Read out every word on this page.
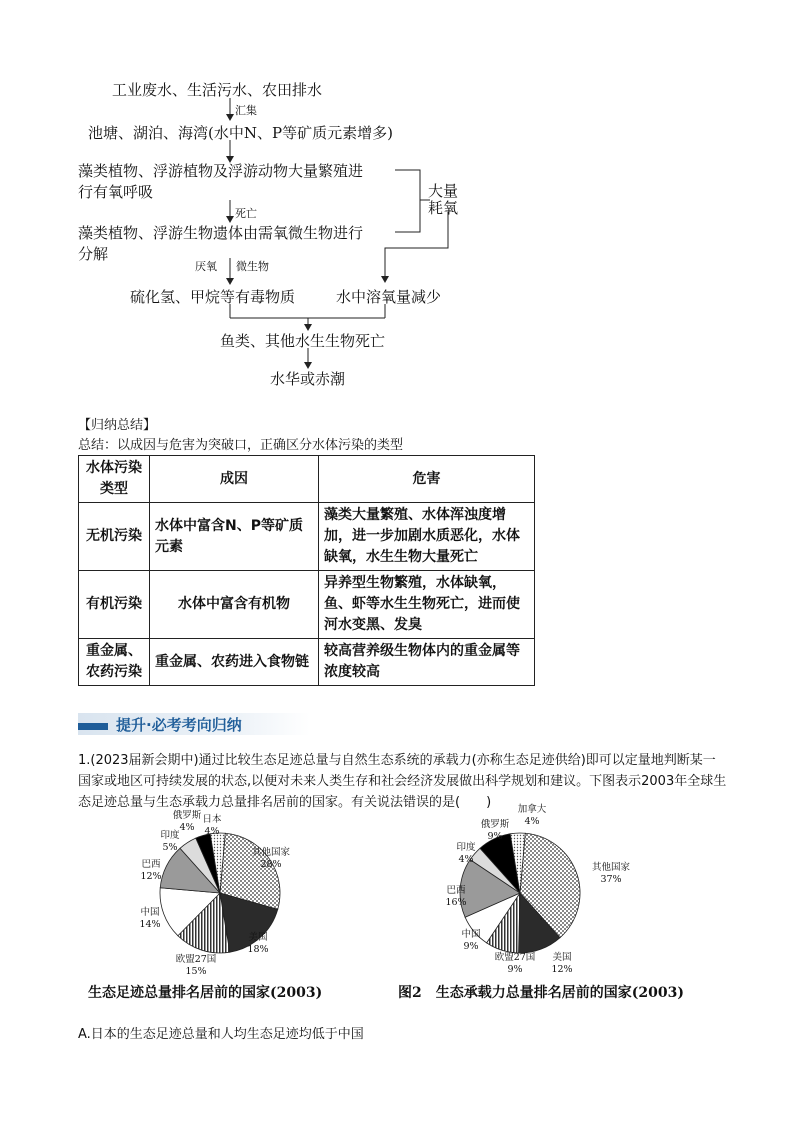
工业废水、生活污水、农田排水
汇集
池塘、湖泊、海湾(水中N、P等矿质元素增多)
藻类植物、浮游植物及浮游动物大量繁殖进
行有氧呼吸
死亡
藻类植物、浮游生物遗体由需氧微生物进行
分解
大量
耗氧
厌氧 微生物
硫化氢、甲烷等有毒物质	水中溶氧量减少
鱼类、其他水生生物死亡
水华或赤潮
【归纳总结】
总结：以成因与危害为突破口，正确区分水体污染的类型
水体污染类型	成因	危害
无机污染	水体中富含N、P等矿质元素	藻类大量繁殖、水体浑浊度增加，进一步加剧水质恶化，水体缺氧，水生生物大量死亡
有机污染	水体中富含有机物	异养型生物繁殖，水体缺氧，鱼、虾等水生生物死亡，进而使河水变黑、发臭
重金属、农药污染	重金属、农药进入食物链	较高营养级生物体内的重金属等浓度较高
提升·必考考向归纳
1.(2023届新会期中)通过比较生态足迹总量与自然生态系统的承载力(亦称生态足迹供给)即可以定量地判断某一国家或地区可持续发展的状态,以便对未来人类生存和社会经济发展做出科学规划和建议。下图表示2003年全球生态足迹总量与生态承载力总量排名居前的国家。有关说法错误的是(　　)
其他国家
28%
美国
18%
欧盟27国
15%
中国
14%
巴西
12%
印度
5%
俄罗斯
4%
日本
4%
其他国家
37%
美国
12%
欧盟27国
9%
中国
9%
巴西
16%
印度
4%
俄罗斯
9%
加拿大
4%
生态足迹总量排名居前的国家(2003)	图2　生态承载力总量排名居前的国家(2003)
A.日本的生态足迹总量和人均生态足迹均低于中国
